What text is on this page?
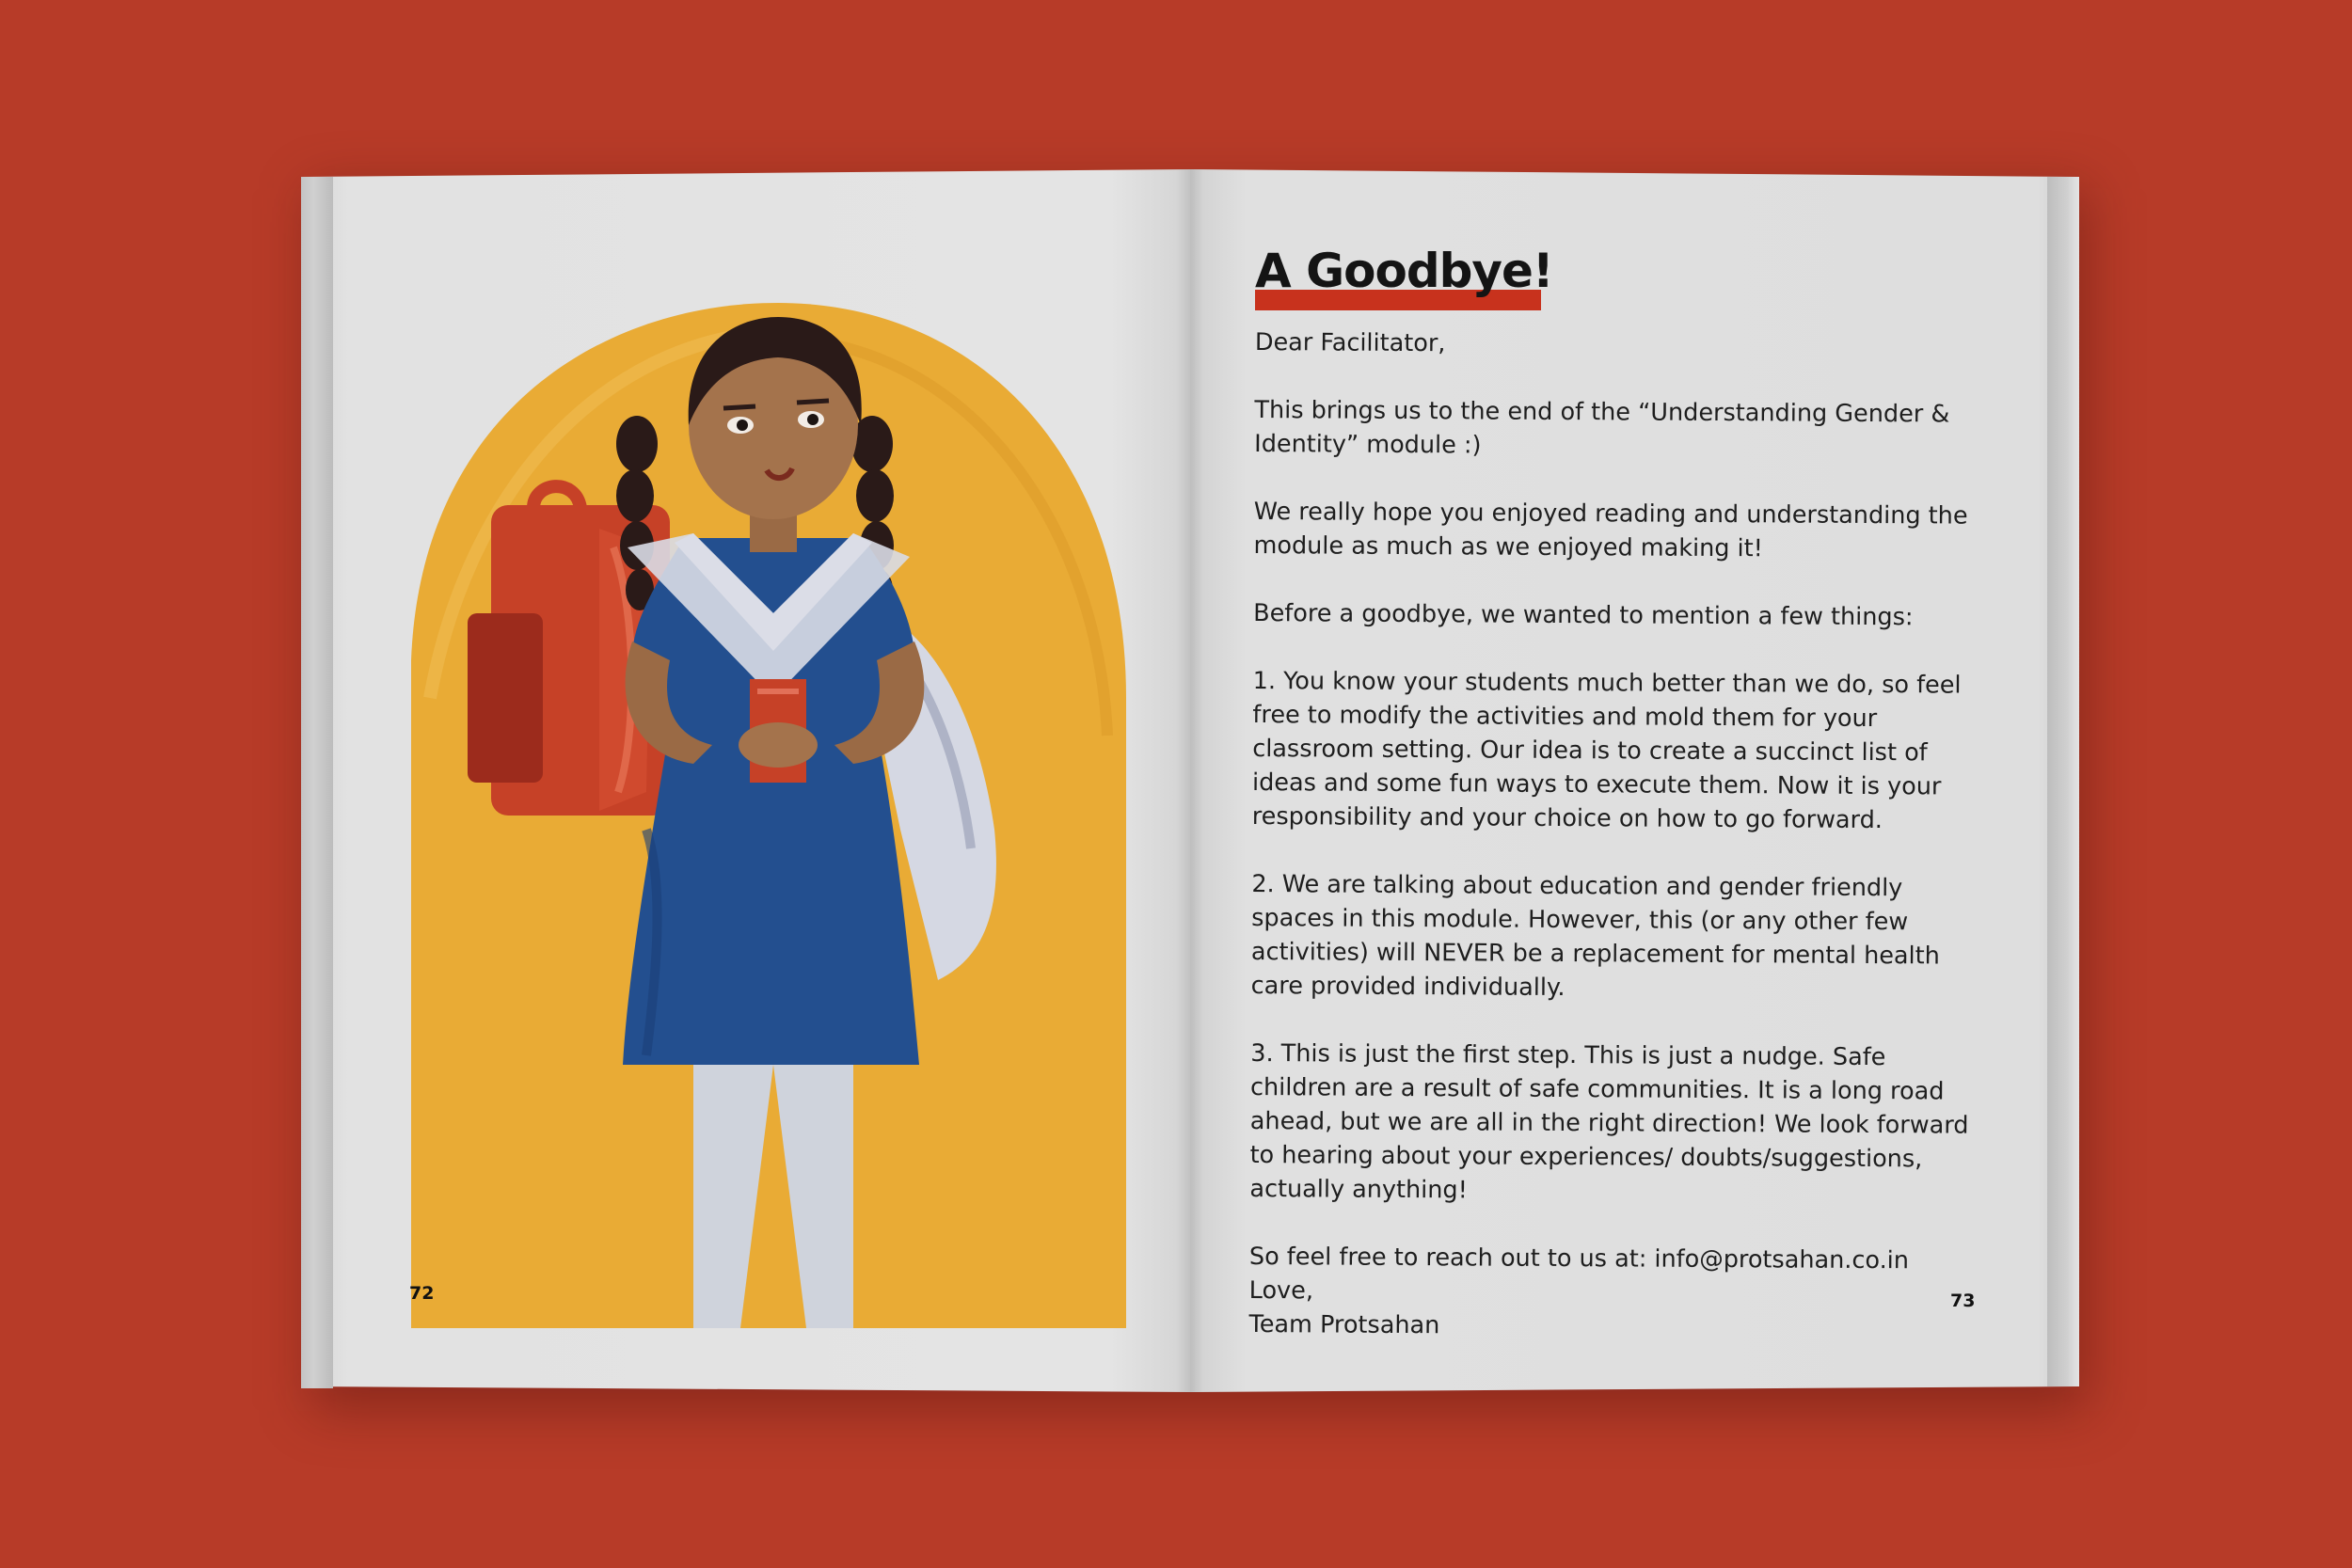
72	73
A Goodbye!

Dear Facilitator,

This brings us to the end of the “Understanding Gender & Identity” module :)

We really hope you enjoyed reading and understanding the module as much as we enjoyed making it!

Before a goodbye, we wanted to mention a few things:

1. You know your students much better than we do, so feel free to modify the activities and mold them for your classroom setting. Our idea is to create a succinct list of ideas and some fun ways to execute them. Now it is your responsibility and your choice on how to go forward.

2. We are talking about education and gender friendly spaces in this module. However, this (or any other few activities) will NEVER be a replacement for mental health care provided individually.

3. This is just the first step. This is just a nudge. Safe children are a result of safe communities. It is a long road ahead, but we are all in the right direction! We look forward to hearing about your experiences/ doubts/suggestions, actually anything!

So feel free to reach out to us at: info@protsahan.co.in

Love,

Team Protsahan
